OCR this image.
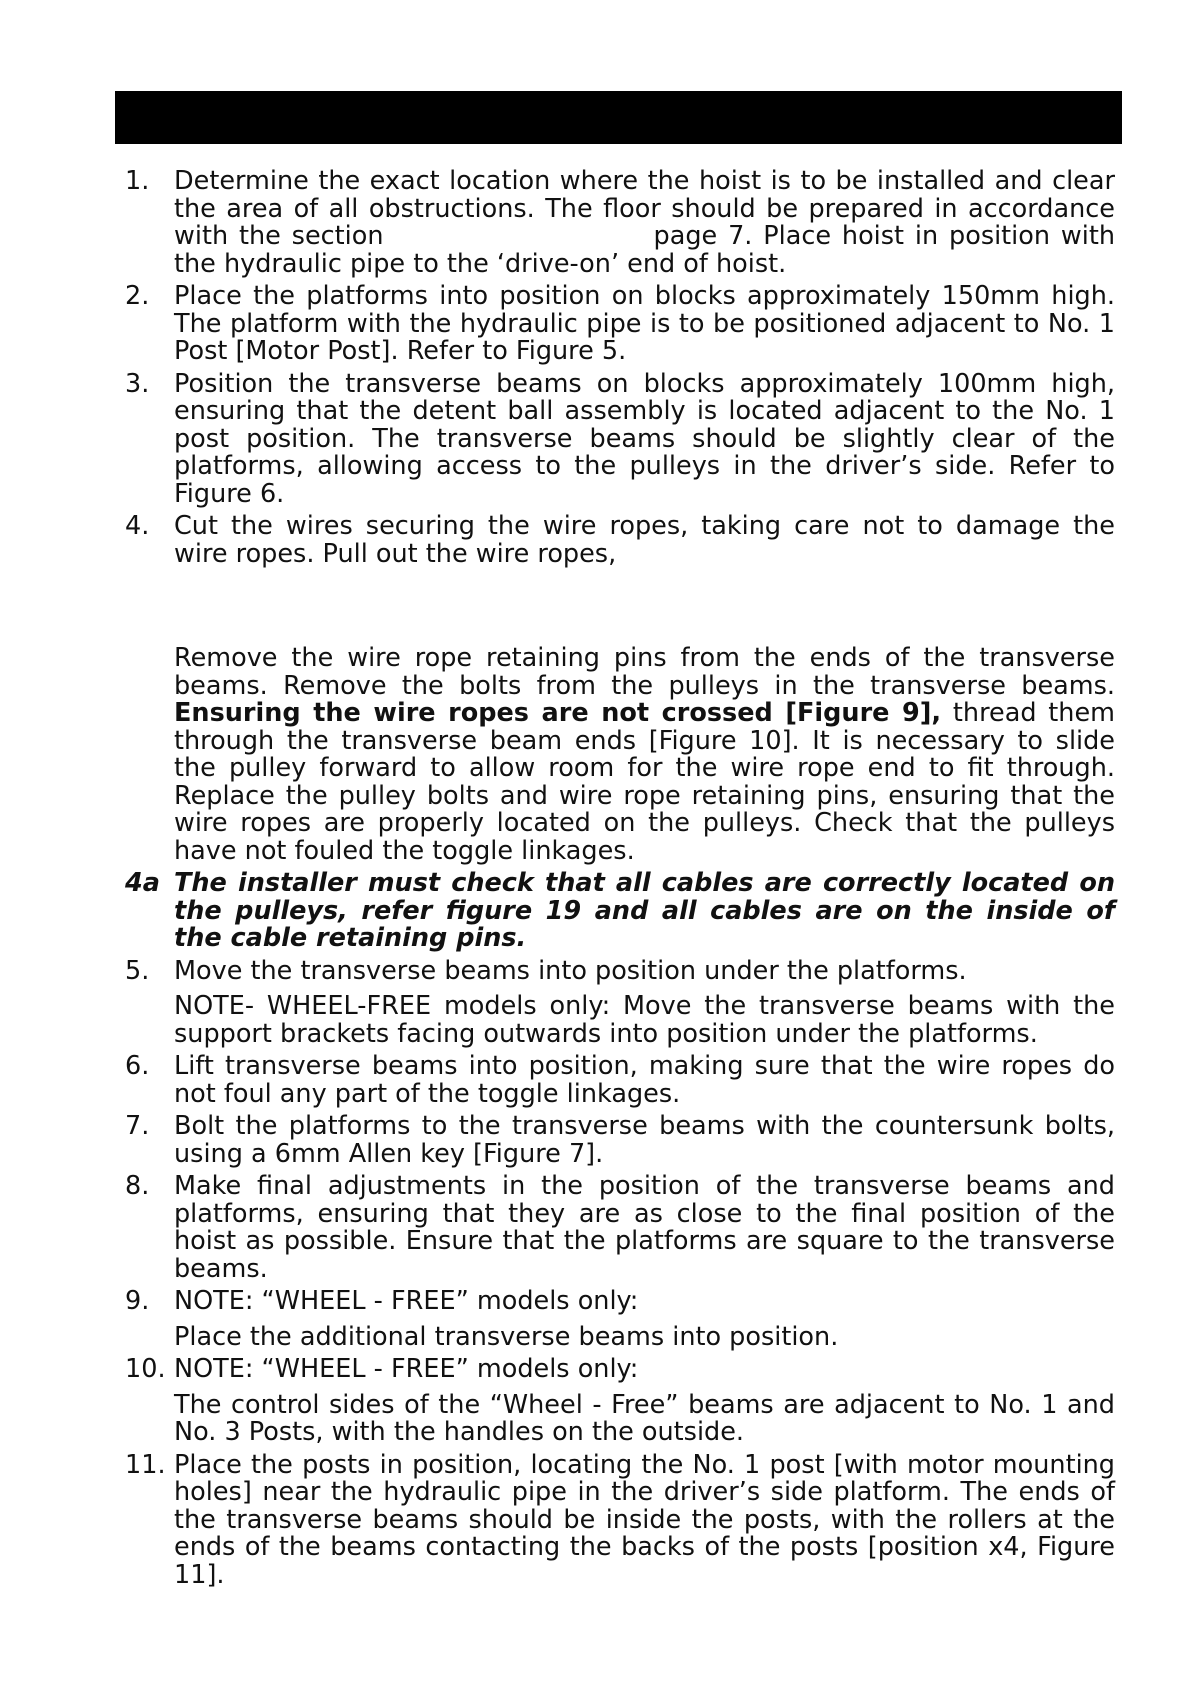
1. Determine the exact location where the hoist is to be installed and clear the area of all obstructions. The floor should be prepared in accordance with the section	page 7. Place hoist in position with the hydraulic pipe to the ‘drive-on’ end of hoist.
2. Place the platforms into position on blocks approximately 150mm high. The platform with the hydraulic pipe is to be positioned adjacent to No. 1 Post [Motor Post]. Refer to Figure 5.
3. Position the transverse beams on blocks approximately 100mm high, ensuring that the detent ball assembly is located adjacent to the No. 1 post position. The transverse beams should be slightly clear of the platforms, allowing access to the pulleys in the driver’s side. Refer to Figure 6.
4. Cut the wires securing the wire ropes, taking care not to damage the wire ropes. Pull out the wire ropes,
Remove the wire rope retaining pins from the ends of the transverse beams. Remove the bolts from the pulleys in the transverse beams. Ensuring the wire ropes are not crossed [Figure 9], thread them through the transverse beam ends [Figure 10]. It is necessary to slide the pulley forward to allow room for the wire rope end to fit through. Replace the pulley bolts and wire rope retaining pins, ensuring that the wire ropes are properly located on the pulleys. Check that the pulleys have not fouled the toggle linkages.
4a The installer must check that all cables are correctly located on the pulleys, refer figure 19 and all cables are on the inside of the cable retaining pins.
5. Move the transverse beams into position under the platforms.
NOTE- WHEEL-FREE models only: Move the transverse beams with the support brackets facing outwards into position under the platforms.
6. Lift transverse beams into position, making sure that the wire ropes do not foul any part of the toggle linkages.
7. Bolt the platforms to the transverse beams with the countersunk bolts, using a 6mm Allen key [Figure 7].
8. Make final adjustments in the position of the transverse beams and platforms, ensuring that they are as close to the final position of the hoist as possible. Ensure that the platforms are square to the transverse beams.
9. NOTE: “WHEEL - FREE” models only:
Place the additional transverse beams into position.
10. NOTE: “WHEEL - FREE” models only:
The control sides of the “Wheel - Free” beams are adjacent to No. 1 and No. 3 Posts, with the handles on the outside.
11. Place the posts in position, locating the No. 1 post [with motor mounting holes] near the hydraulic pipe in the driver’s side platform. The ends of the transverse beams should be inside the posts, with the rollers at the ends of the beams contacting the backs of the posts [position x4, Figure 11].
